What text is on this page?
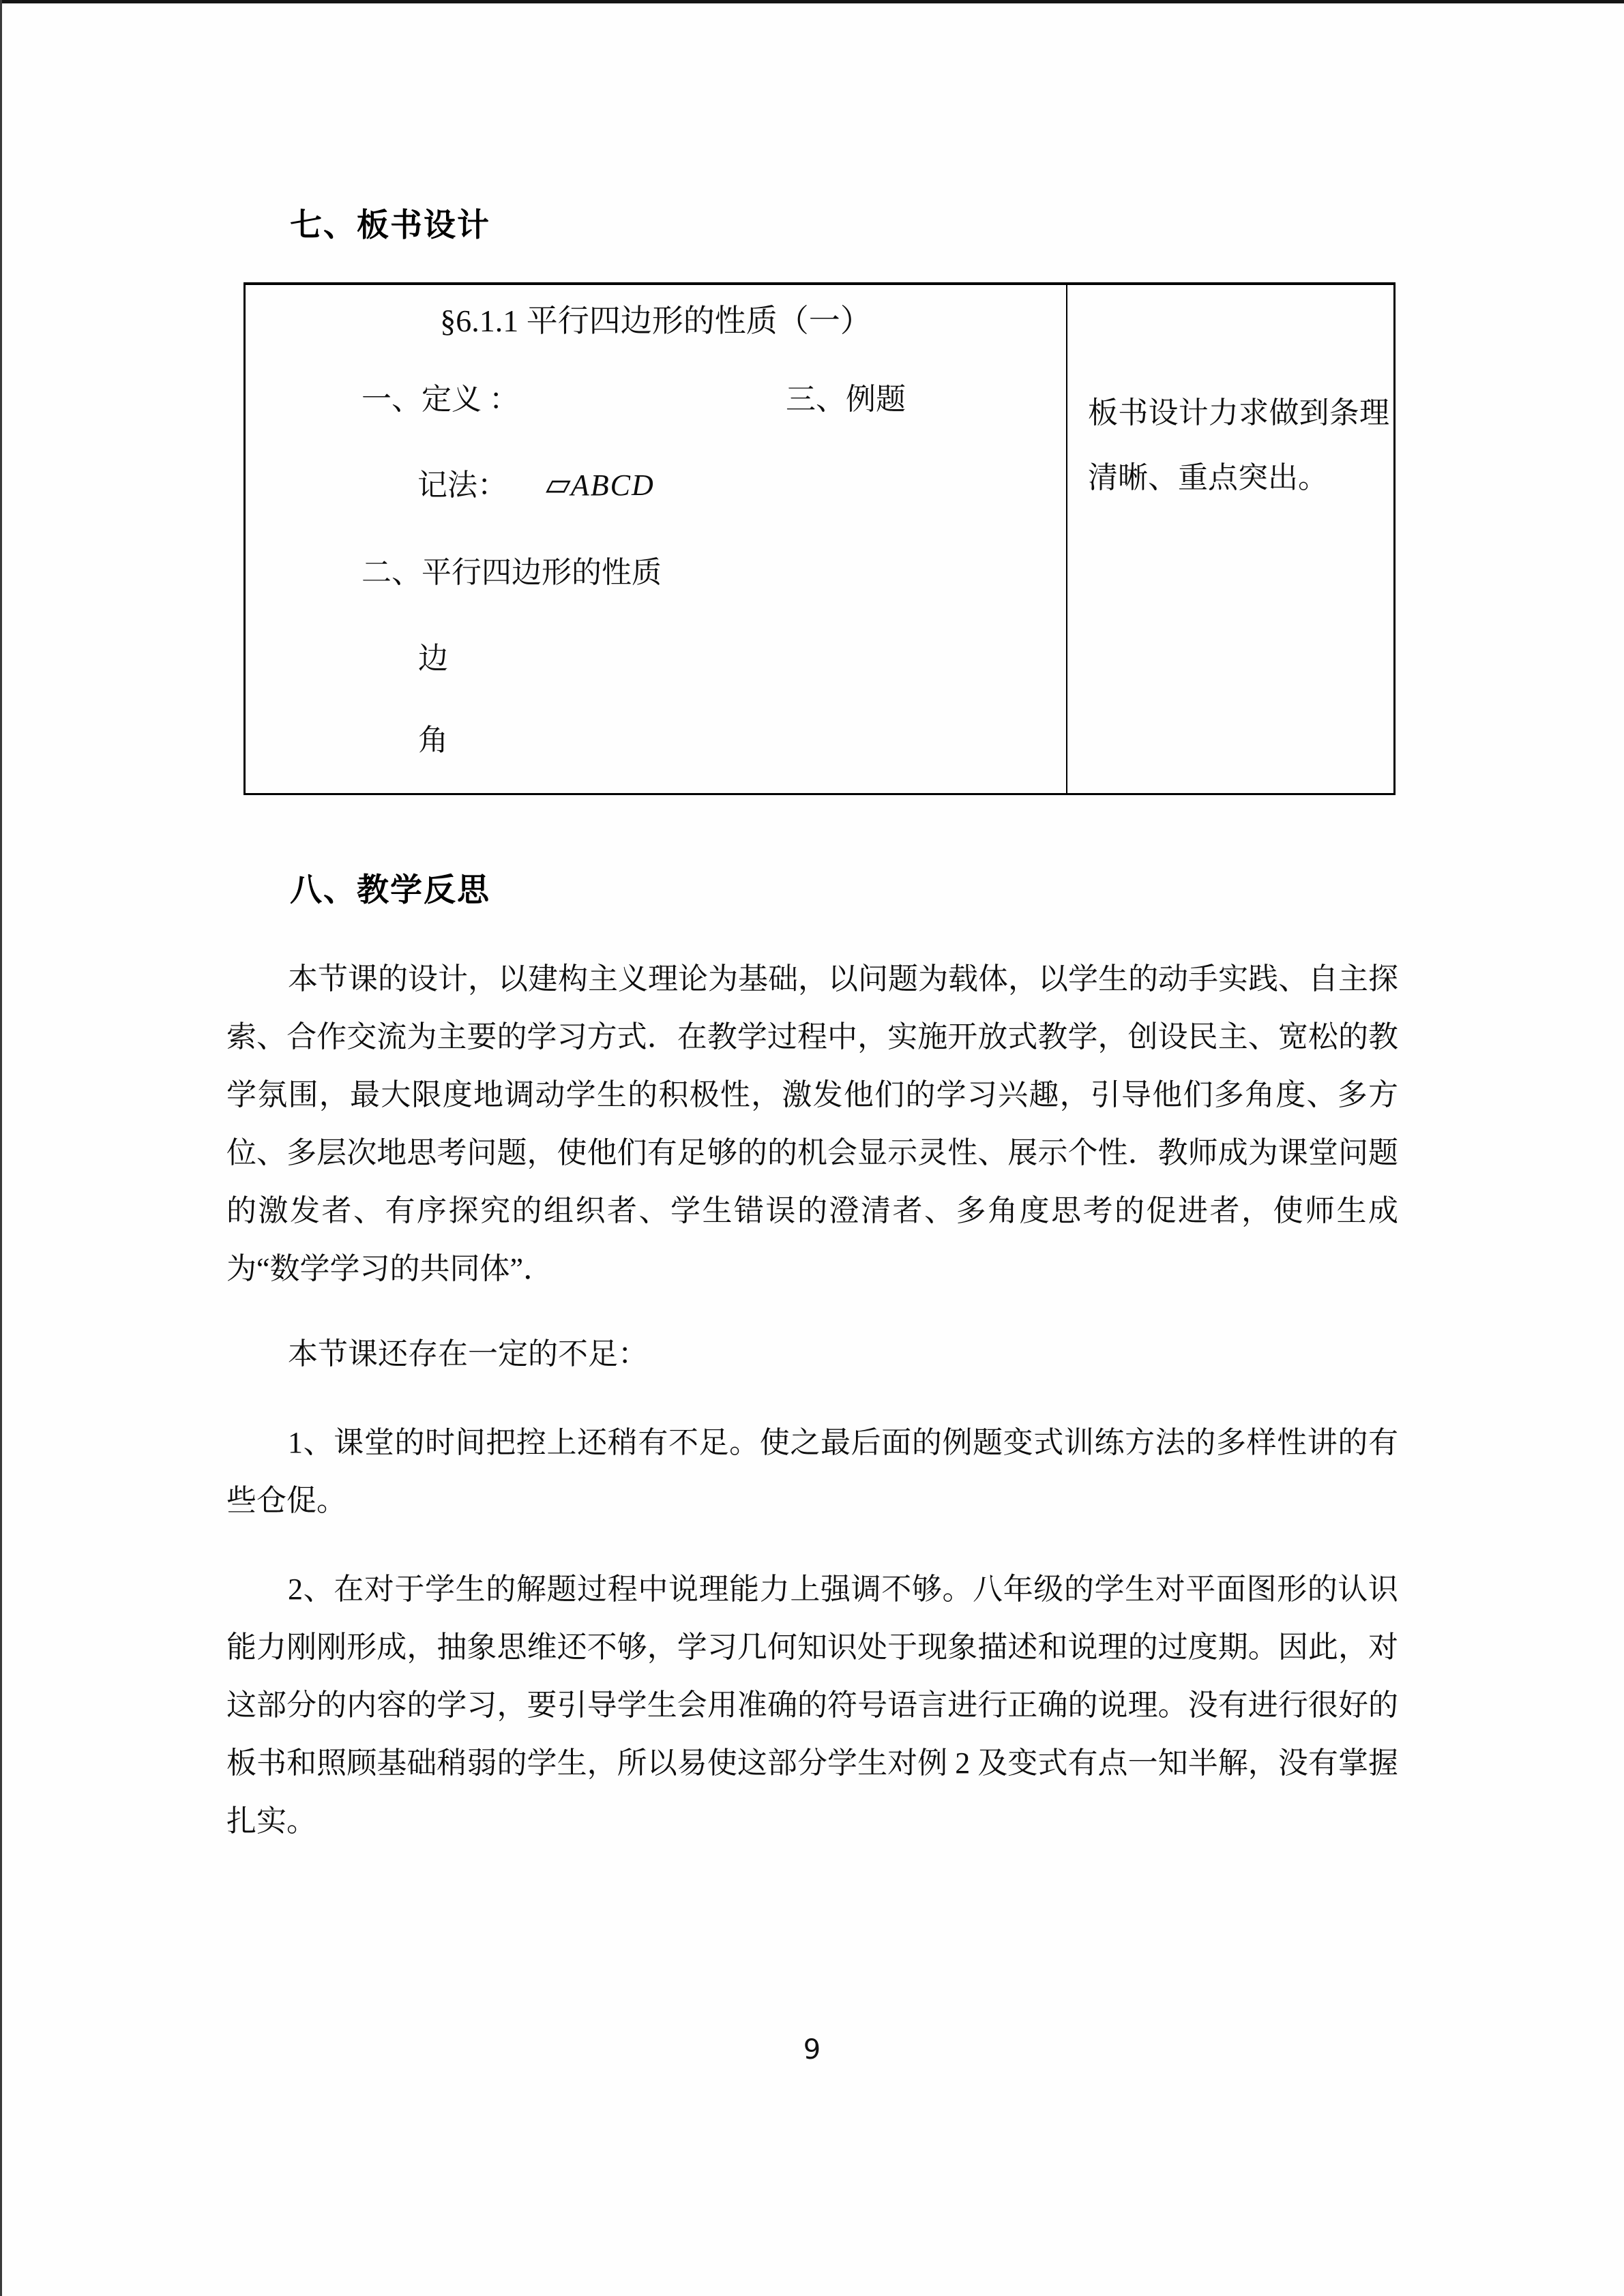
七、板书设计
§6.1.1 平行四边形的性质（一）
一、定义 ：	三、例题
记法： ▱ABCD
二、平行四边形的性质
边
角
板书设计力求做到条理清晰、重点突出。
八、教学反思

本节课的设计，以建构主义理论为基础，以问题为载体，以学生的动手实践、自主探索、合作交流为主要的学习方式．在教学过程中，实施开放式教学，创设民主、宽松的教学氛围，最大限度地调动学生的积极性，激发他们的学习兴趣，引导他们多角度、多方位、多层次地思考问题，使他们有足够的的机会显示灵性、展示个性．教师成为课堂问题的激发者、有序探究的组织者、学生错误的澄清者、多角度思考的促进者，使师生成为“数学学习的共同体”．

本节课还存在一定的不足：

1、课堂的时间把控上还稍有不足。使之最后面的例题变式训练方法的多样性讲的有些仓促。

2、在对于学生的解题过程中说理能力上强调不够。八年级的学生对平面图形的认识能力刚刚形成，抽象思维还不够，学习几何知识处于现象描述和说理的过度期。因此，对这部分的内容的学习，要引导学生会用准确的符号语言进行正确的说理。没有进行很好的板书和照顾基础稍弱的学生，所以易使这部分学生对例 2 及变式有点一知半解，没有掌握扎实。

9
